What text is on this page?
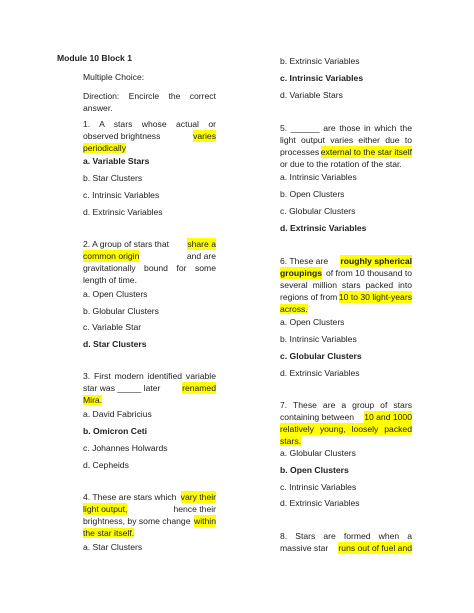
Module 10 Block 1
Multiple Choice:
Direction: Encircle the correct
answer.
1. A stars whose actual or
observed brightness	varies
periodically
a. Variable Stars
b. Star Clusters
c. Intrinsic Variables
d. Extrinsic Variables
2. A group of stars that share a
common origin	and are
gravitationally bound for some
length of time.
a. Open Clusters
b. Globular Clusters
c. Variable Star
d. Star Clusters
3. First modern identified variable
star was _____ later	renamed
Mira.
a. David Fabricius
b. Omicron Ceti
c. Johannes Holwards
d. Cepheids
4. These are stars which vary their
light output,	hence their
brightness, by some change within
the star itself.
a. Star Clusters
b. Extrinsic Variables
c. Intrinsic Variables
d. Variable Stars
5. ______ are those in which the
light output varies either due to
processes external to the star itself
or due to the rotation of the star.
a. Intrinsic Variables
b. Open Clusters
c. Globular Clusters
d. Extrinsic Variables
6. These are roughly spherical
groupings of from 10 thousand to
several million stars packed into
regions of from 10 to 30 light-years
across.
a. Open Clusters
b. Intrinsic Variables
c. Globular Clusters
d. Extrinsic Variables
7. These are a group of stars
containing between 10 and 1000
relatively young, loosely packed
stars.
a. Globular Clusters
b. Open Clusters
c. Intrinsic Variables
d. Extrinsic Variables
8. Stars are formed when a
massive star runs out of fuel and
